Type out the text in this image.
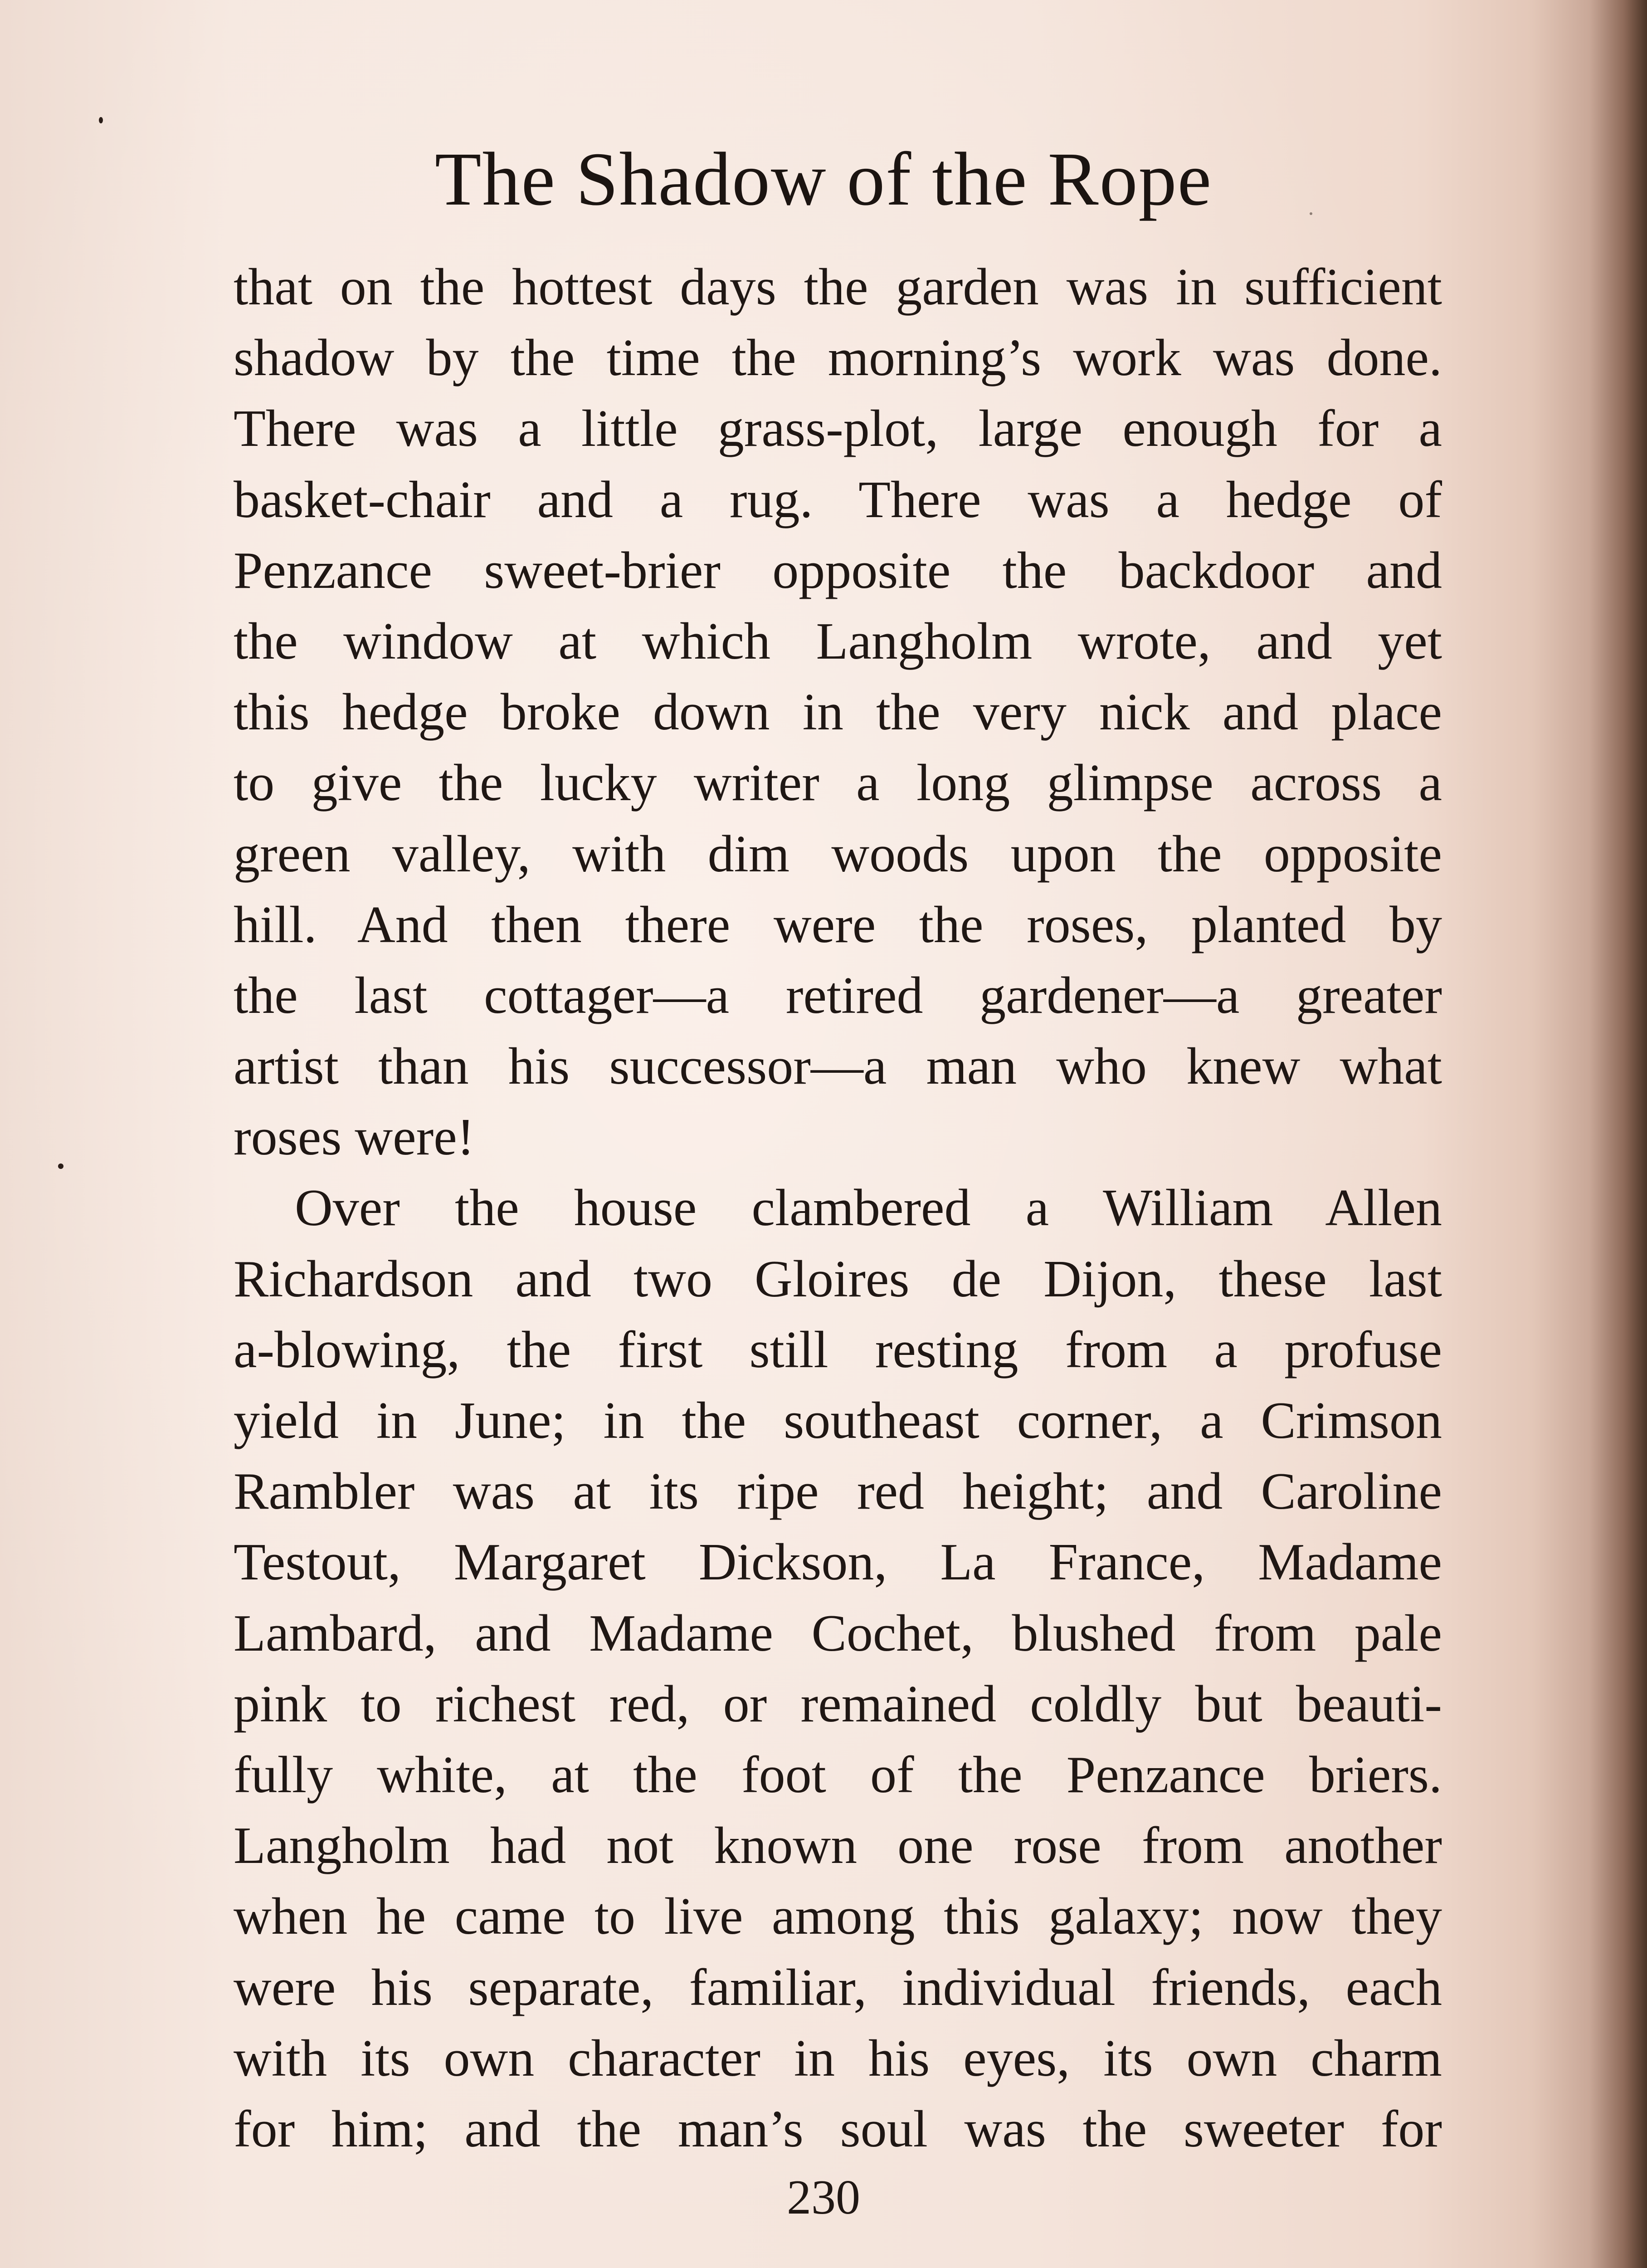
The Shadow of the Rope
that on the hottest days the garden was in sufficient
shadow by the time the morning’s work was done.
There was a little grass-plot, large enough for a
basket-chair and a rug. There was a hedge of
Penzance sweet-brier opposite the backdoor and
the window at which Langholm wrote, and yet
this hedge broke down in the very nick and place
to give the lucky writer a long glimpse across a
green valley, with dim woods upon the opposite
hill. And then there were the roses, planted by
the last cottager—a retired gardener—a greater
artist than his successor—a man who knew what
roses were!
Over the house clambered a William Allen
Richardson and two Gloires de Dijon, these last
a-blowing, the first still resting from a profuse
yield in June; in the southeast corner, a Crimson
Rambler was at its ripe red height; and Caroline
Testout, Margaret Dickson, La France, Madame
Lambard, and Madame Cochet, blushed from pale
pink to richest red, or remained coldly but beauti-
fully white, at the foot of the Penzance briers.
Langholm had not known one rose from another
when he came to live among this galaxy; now they
were his separate, familiar, individual friends, each
with its own character in his eyes, its own charm
for him; and the man’s soul was the sweeter for
230
